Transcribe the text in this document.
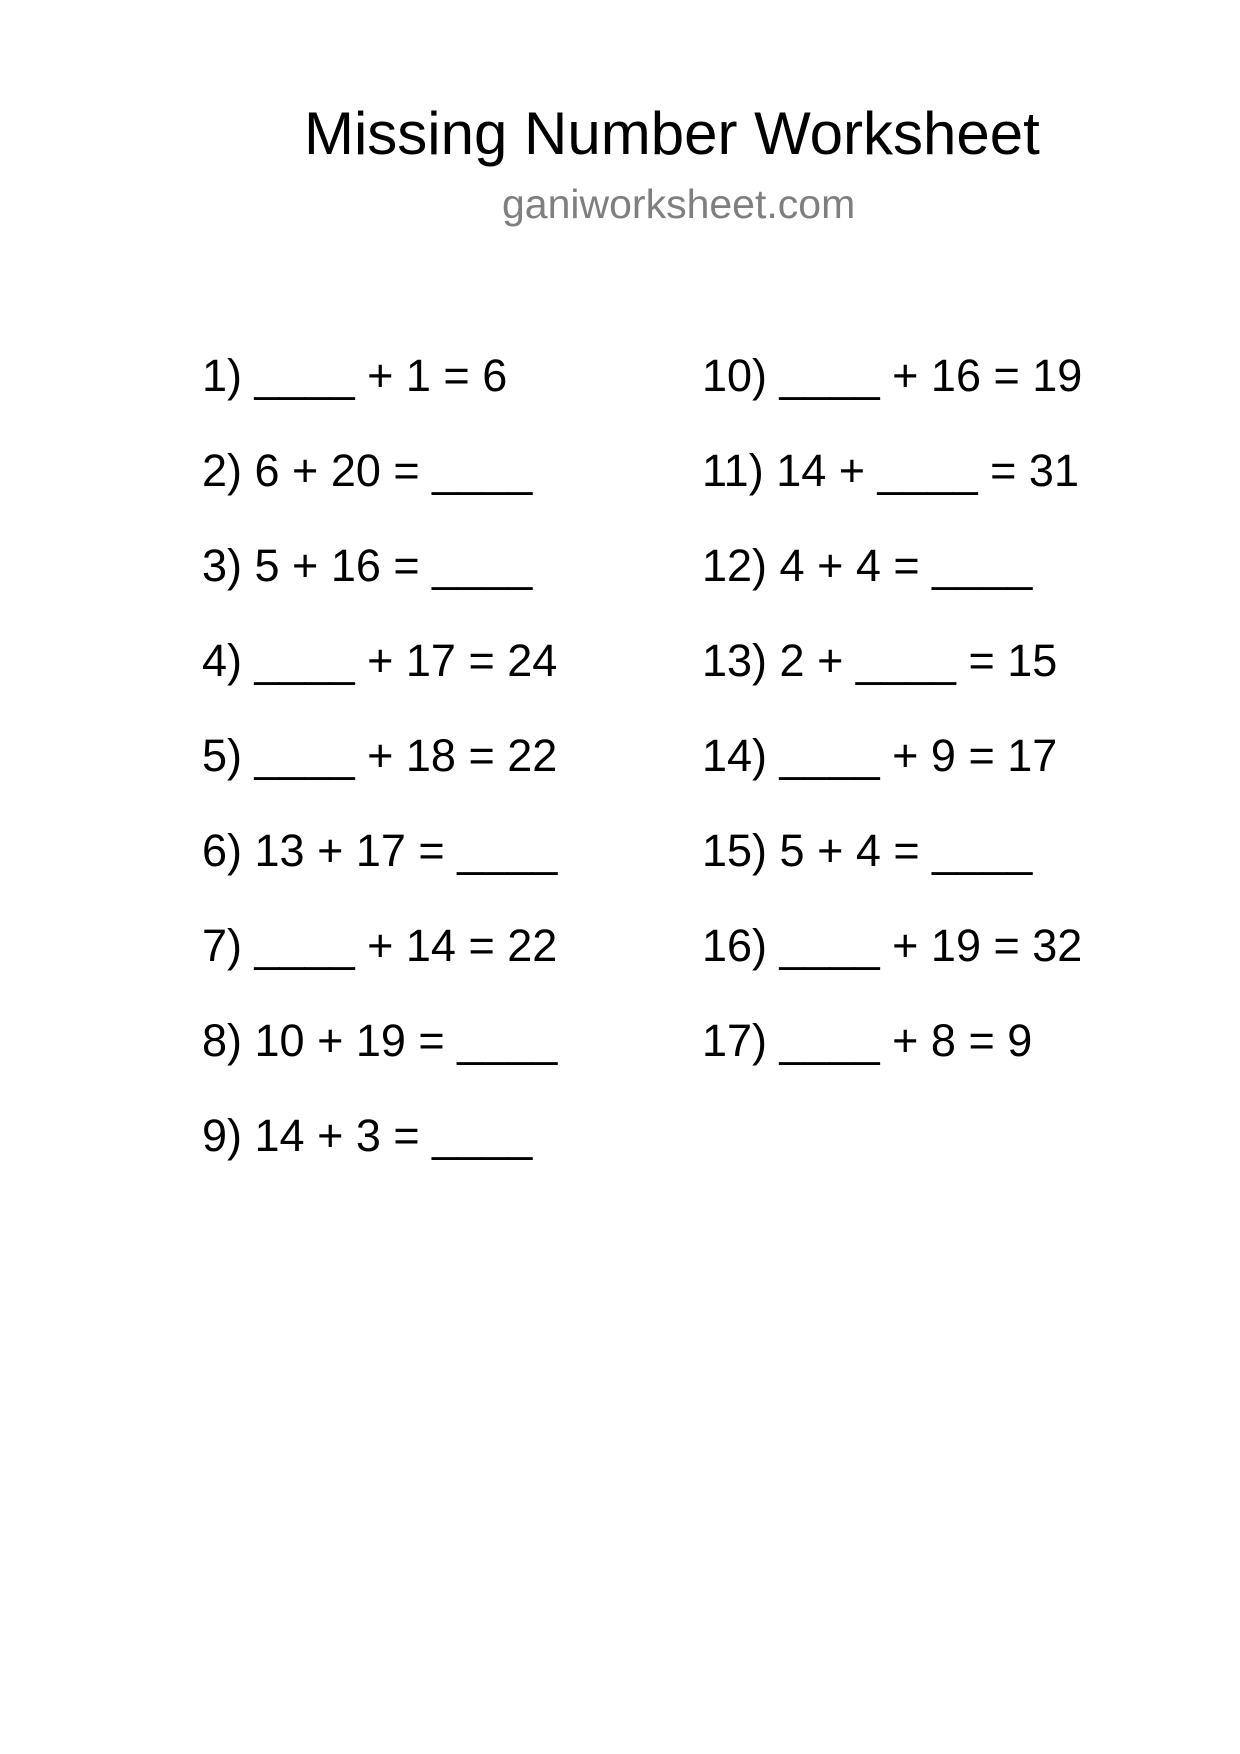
Missing Number Worksheet
ganiworksheet.com
1) ____ + 1 = 6
2) 6 + 20 = ____
3) 5 + 16 = ____
4) ____ + 17 = 24
5) ____ + 18 = 22
6) 13 + 17 = ____
7) ____ + 14 = 22
8) 10 + 19 = ____
9) 14 + 3 = ____
10) ____ + 16 = 19
11) 14 + ____ = 31
12) 4 + 4 = ____
13) 2 + ____ = 15
14) ____ + 9 = 17
15) 5 + 4 = ____
16) ____ + 19 = 32
17) ____ + 8 = 9
